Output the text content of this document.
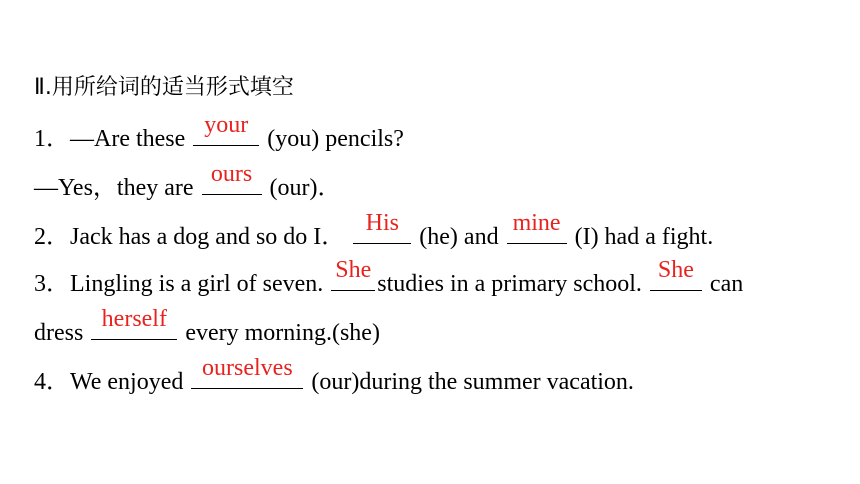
Ⅱ.用所给词的适当形式填空
1．—Are these
your
(you) pencils?
—Yes，they are
ours
(our)．
2．Jack has a dog and so do I．
His
(he) and
mine
(I) had a fight.
3．Lingling is a girl of seven.
She
studies in a primary school.
She
can
dress
herself
every morning.(she)
4．We enjoyed
ourselves
(our)during the summer vacation.
